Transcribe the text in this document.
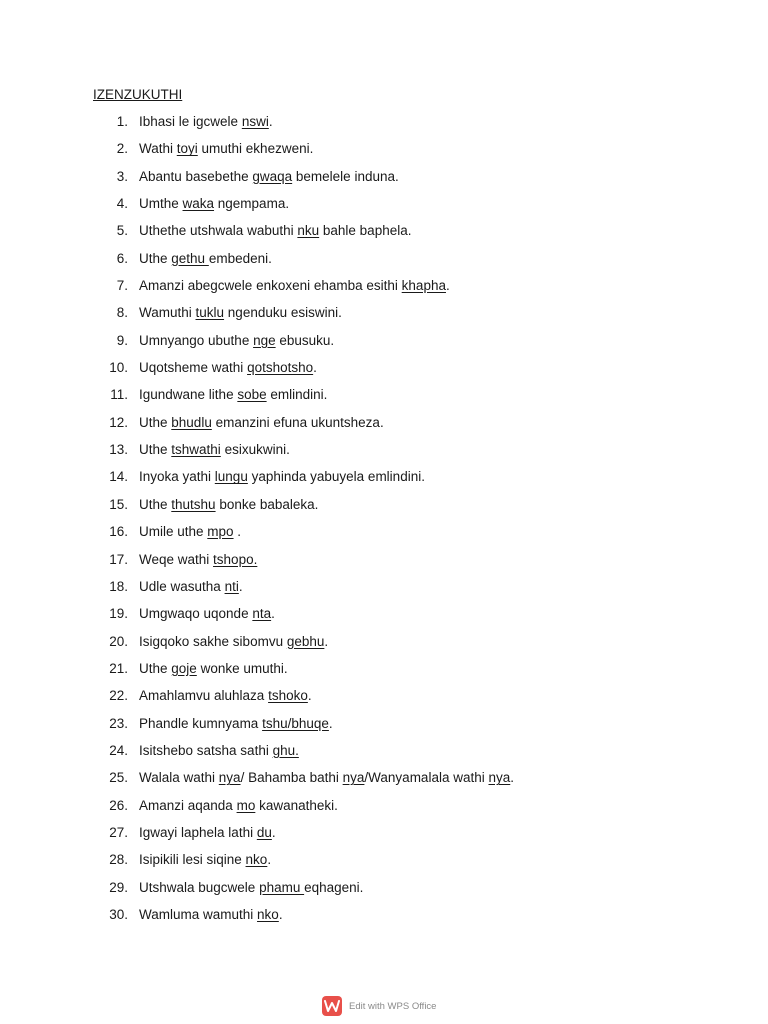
IZENZUKUTHI
1. Ibhasi le igcwele nswi.
2. Wathi toyi umuthi ekhezweni.
3. Abantu basebethe gwaqa bemelele induna.
4. Umthe waka ngempama.
5. Uthethe utshwala wabuthi nku bahle baphela.
6. Uthe gethu embedeni.
7. Amanzi abegcwele enkoxeni ehamba esithi khapha.
8. Wamuthi tuklu ngenduku esiswini.
9. Umnyango ubuthe nge ebusuku.
10. Uqotsheme wathi qotshotsho.
11. Igundwane lithe sobe emlindini.
12. Uthe bhudlu emanzini efuna ukuntsheza.
13. Uthe tshwathi esixukwini.
14. Inyoka yathi lungu yaphinda yabuyela emlindini.
15. Uthe thutshu bonke babaleka.
16. Umile uthe mpo .
17. Weqe wathi tshopo.
18. Udle wasutha nti.
19. Umgwaqo uqonde nta.
20. Isigqoko sakhe sibomvu gebhu.
21. Uthe goje wonke umuthi.
22. Amahlamvu aluhlaza tshoko.
23. Phandle kumnyama tshu/bhuqe.
24. Isitshebo satsha sathi ghu.
25. Walala wathi nya/ Bahamba bathi nya/Wanyamalala wathi nya.
26. Amanzi aqanda mo kawanatheki.
27. Igwayi laphela lathi du.
28. Isipikili lesi siqine nko.
29. Utshwala bugcwele phamu eqhageni.
30. Wamluma wamuthi nko.
Edit with WPS Office
